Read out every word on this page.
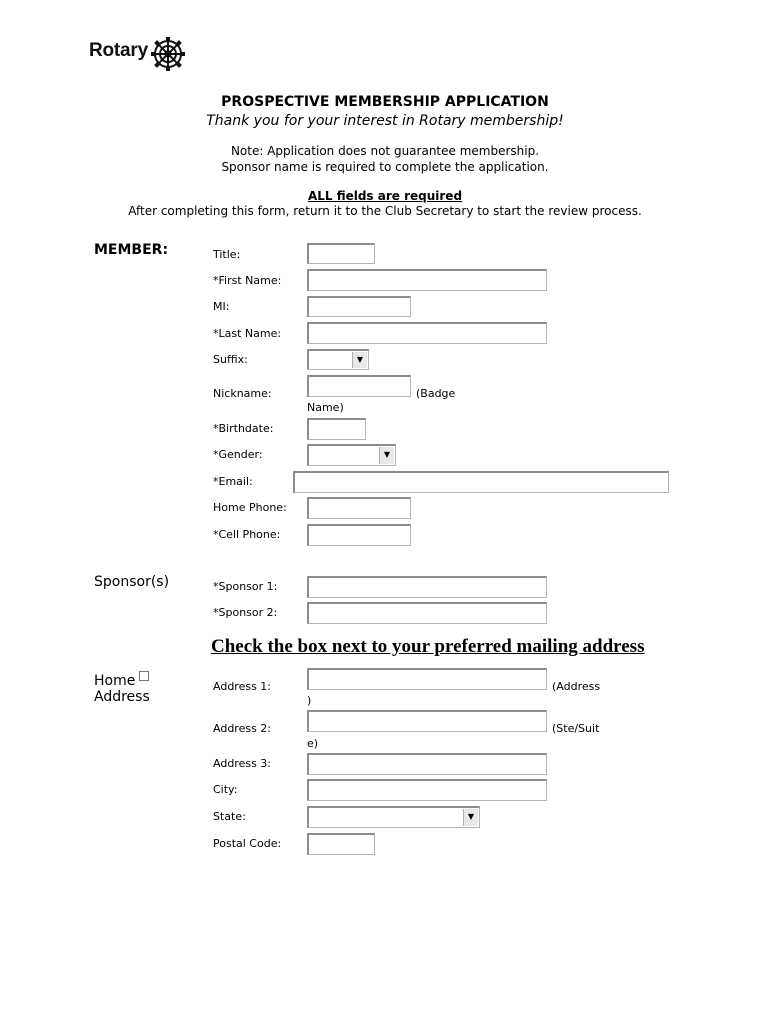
Rotary
PROSPECTIVE MEMBERSHIP APPLICATION
Thank you for your interest in Rotary membership!
Note: Application does not guarantee membership.
Sponsor name is required to complete the application.
ALL fields are required
After completing this form, return it to the Club Secretary to start the review process.
MEMBER:	Title:
*First Name:
MI:
*Last Name:
Suffix:	▼
Nickname:	(Badge
Name)
*Birthdate:
*Gender:	▼
*Email:
Home Phone:
*Cell Phone:
Sponsor(s)	*Sponsor 1:
*Sponsor 2:
Check the box next to your preferred mailing address
Home
Address
Address 1:	(Address
)
Address 2:	(Ste/Suit
e)
Address 3:
City:
State:	▼
Postal Code:
